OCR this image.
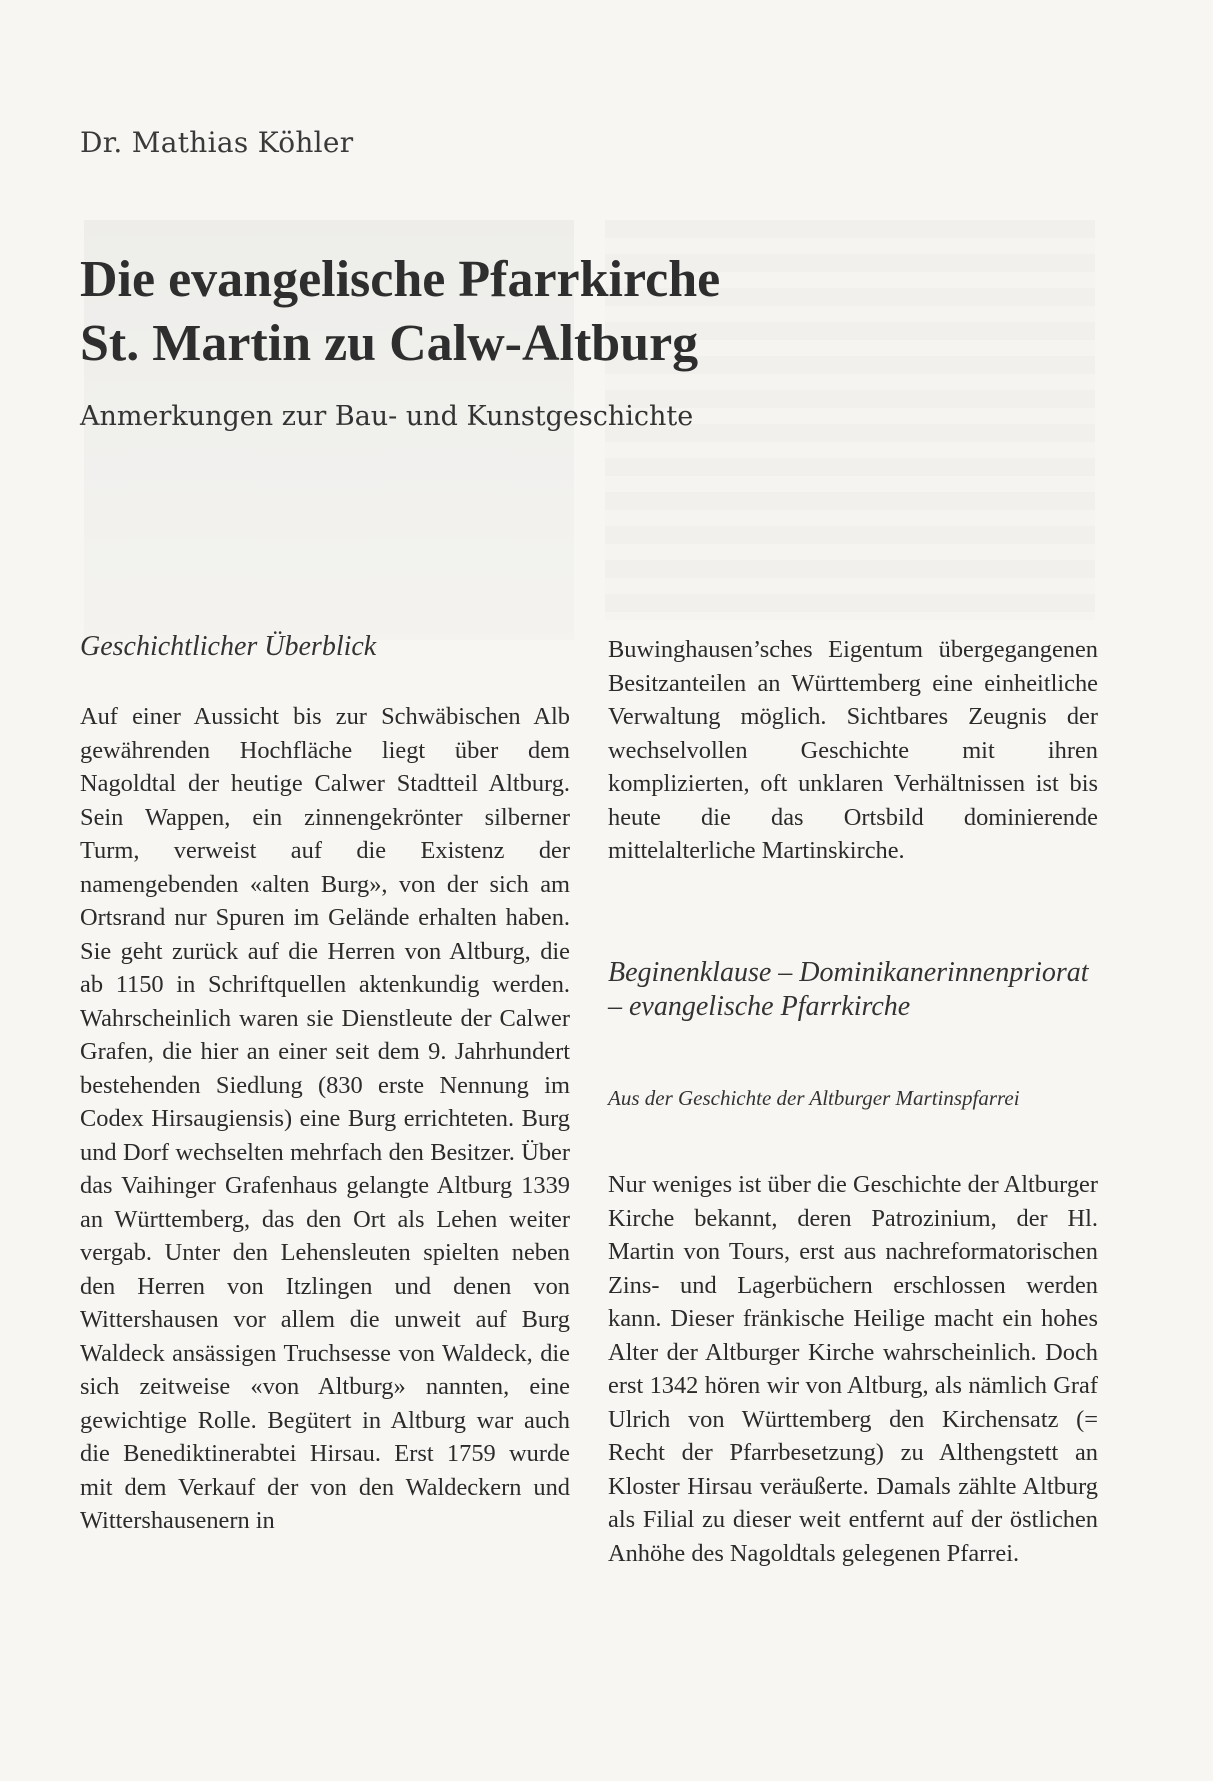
Dr. Mathias Köhler
Die evangelische Pfarrkirche
St. Martin zu Calw-Altburg
Anmerkungen zur Bau- und Kunstgeschichte
Geschichtlicher Überblick

Auf einer Aussicht bis zur Schwäbischen Alb gewährenden Hochfläche liegt über dem Nagoldtal der heutige Calwer Stadtteil Altburg. Sein Wappen, ein zinnengekrönter silberner Turm, verweist auf die Existenz der namengebenden «alten Burg», von der sich am Ortsrand nur Spuren im Gelände erhalten haben. Sie geht zurück auf die Herren von Altburg, die ab 1150 in Schriftquellen aktenkundig werden. Wahrscheinlich waren sie Dienstleute der Calwer Grafen, die hier an einer seit dem 9. Jahrhundert bestehenden Siedlung (830 erste Nennung im Codex Hirsaugiensis) eine Burg errichteten. Burg und Dorf wechselten mehrfach den Besitzer. Über das Vaihinger Grafenhaus gelangte Altburg 1339 an Württemberg, das den Ort als Lehen weiter vergab. Unter den Lehensleuten spielten neben den Herren von Itzlingen und denen von Wittershausen vor allem die unweit auf Burg Waldeck ansässigen Truchsesse von Waldeck, die sich zeitweise «von Altburg» nannten, eine gewichtige Rolle. Begütert in Altburg war auch die Benediktinerabtei Hirsau. Erst 1759 wurde mit dem Verkauf der von den Waldeckern und Wittershausenern in

Buwinghausen’sches Eigentum übergegangenen Besitzanteilen an Württemberg eine einheitliche Verwaltung möglich. Sichtbares Zeugnis der wechselvollen Geschichte mit ihren komplizierten, oft unklaren Verhältnissen ist bis heute die das Ortsbild dominierende mittelalterliche Martinskirche.

Beginenklause – Dominikanerinnenpriorat – evangelische Pfarrkirche
Aus der Geschichte der Altburger Martinspfarrei

Nur weniges ist über die Geschichte der Altburger Kirche bekannt, deren Patrozinium, der Hl. Martin von Tours, erst aus nachreformatorischen Zins- und Lagerbüchern erschlossen werden kann. Dieser fränkische Heilige macht ein hohes Alter der Altburger Kirche wahrscheinlich. Doch erst 1342 hören wir von Altburg, als nämlich Graf Ulrich von Württemberg den Kirchensatz (= Recht der Pfarrbesetzung) zu Althengstett an Kloster Hirsau veräußerte. Damals zählte Altburg als Filial zu dieser weit entfernt auf der östlichen Anhöhe des Nagoldtals gelegenen Pfarrei.
